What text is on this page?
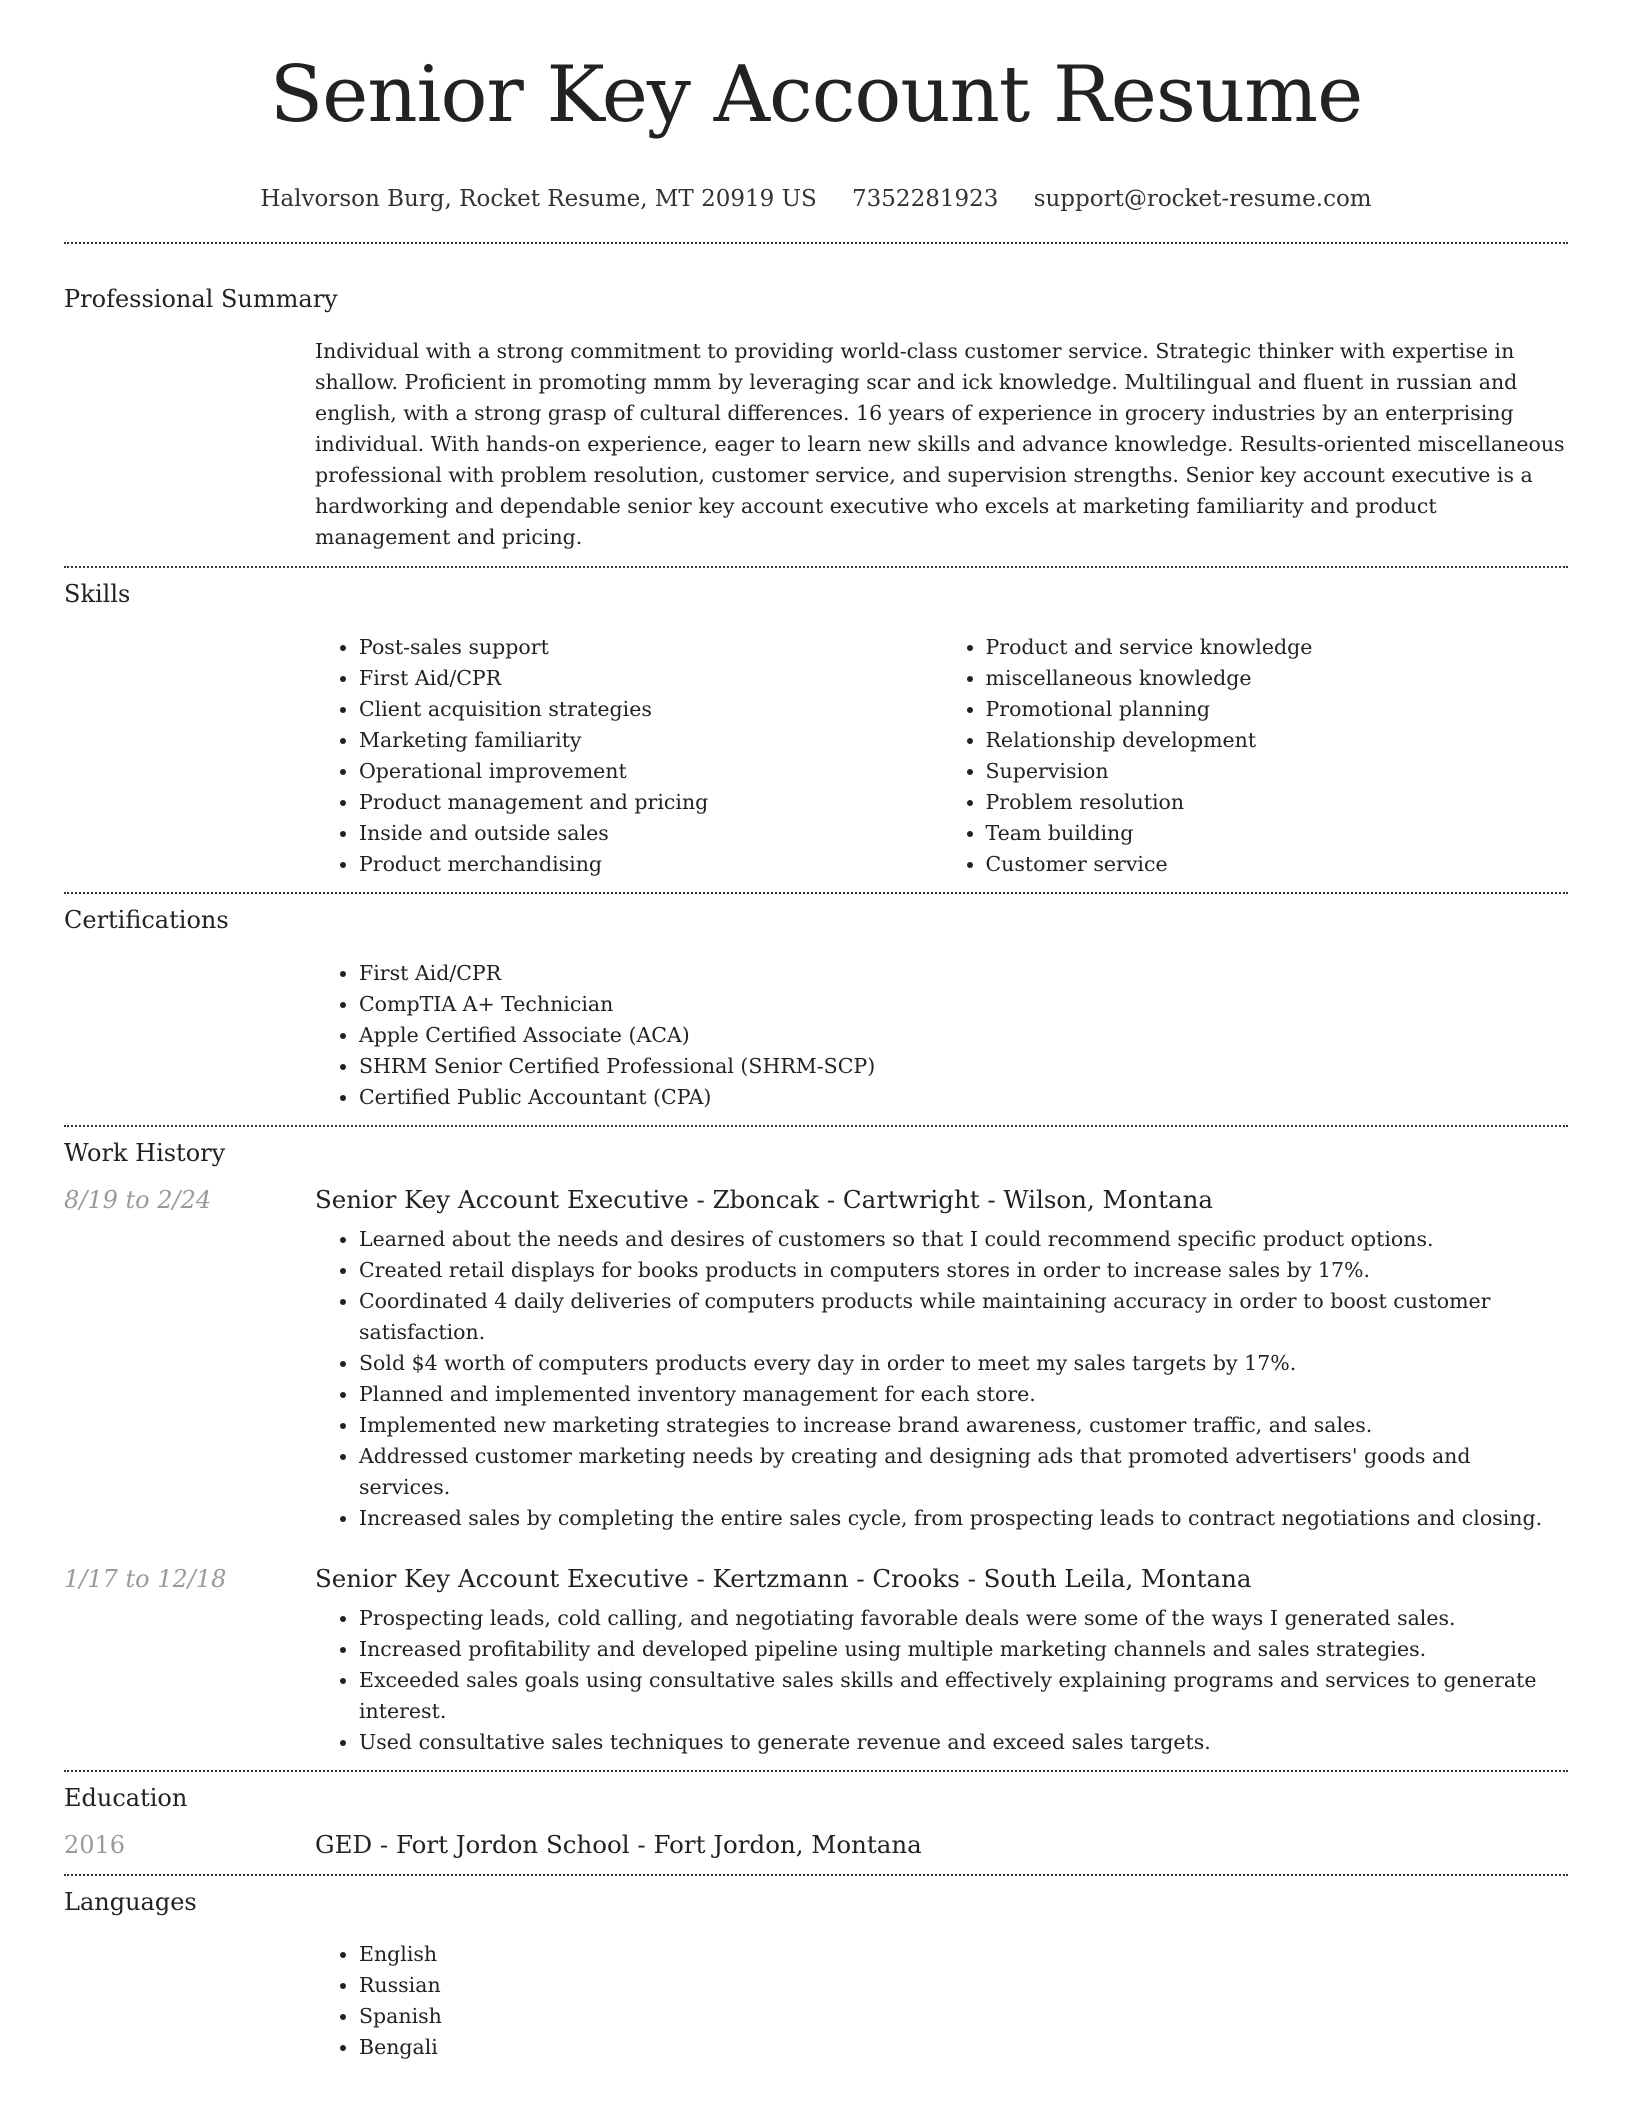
Senior Key Account Resume
Halvorson Burg, Rocket Resume, MT 20919 US 7352281923 support@rocket-resume.com
Professional Summary
Individual with a strong commitment to providing world-class customer service. Strategic thinker with expertise in shallow. Proficient in promoting mmm by leveraging scar and ick knowledge. Multilingual and fluent in russian and english, with a strong grasp of cultural differences. 16 years of experience in grocery industries by an enterprising individual. With hands-on experience, eager to learn new skills and advance knowledge. Results-oriented miscellaneous professional with problem resolution, customer service, and supervision strengths. Senior key account executive is a hardworking and dependable senior key account executive who excels at marketing familiarity and product management and pricing.
Skills
• Post-sales support
• First Aid/CPR
• Client acquisition strategies
• Marketing familiarity
• Operational improvement
• Product management and pricing
• Inside and outside sales
• Product merchandising
• Product and service knowledge
• miscellaneous knowledge
• Promotional planning
• Relationship development
• Supervision
• Problem resolution
• Team building
• Customer service
Certifications
• First Aid/CPR
• CompTIA A+ Technician
• Apple Certified Associate (ACA)
• SHRM Senior Certified Professional (SHRM-SCP)
• Certified Public Accountant (CPA)
Work History
8/19 to 2/24	Senior Key Account Executive - Zboncak - Cartwright - Wilson, Montana
• Learned about the needs and desires of customers so that I could recommend specific product options.
• Created retail displays for books products in computers stores in order to increase sales by 17%.
• Coordinated 4 daily deliveries of computers products while maintaining accuracy in order to boost customer satisfaction.
• Sold $4 worth of computers products every day in order to meet my sales targets by 17%.
• Planned and implemented inventory management for each store.
• Implemented new marketing strategies to increase brand awareness, customer traffic, and sales.
• Addressed customer marketing needs by creating and designing ads that promoted advertisers' goods and services.
• Increased sales by completing the entire sales cycle, from prospecting leads to contract negotiations and closing.
1/17 to 12/18	Senior Key Account Executive - Kertzmann - Crooks - South Leila, Montana
• Prospecting leads, cold calling, and negotiating favorable deals were some of the ways I generated sales.
• Increased profitability and developed pipeline using multiple marketing channels and sales strategies.
• Exceeded sales goals using consultative sales skills and effectively explaining programs and services to generate interest.
• Used consultative sales techniques to generate revenue and exceed sales targets.
Education
2016	GED - Fort Jordon School - Fort Jordon, Montana
Languages
• English
• Russian
• Spanish
• Bengali
